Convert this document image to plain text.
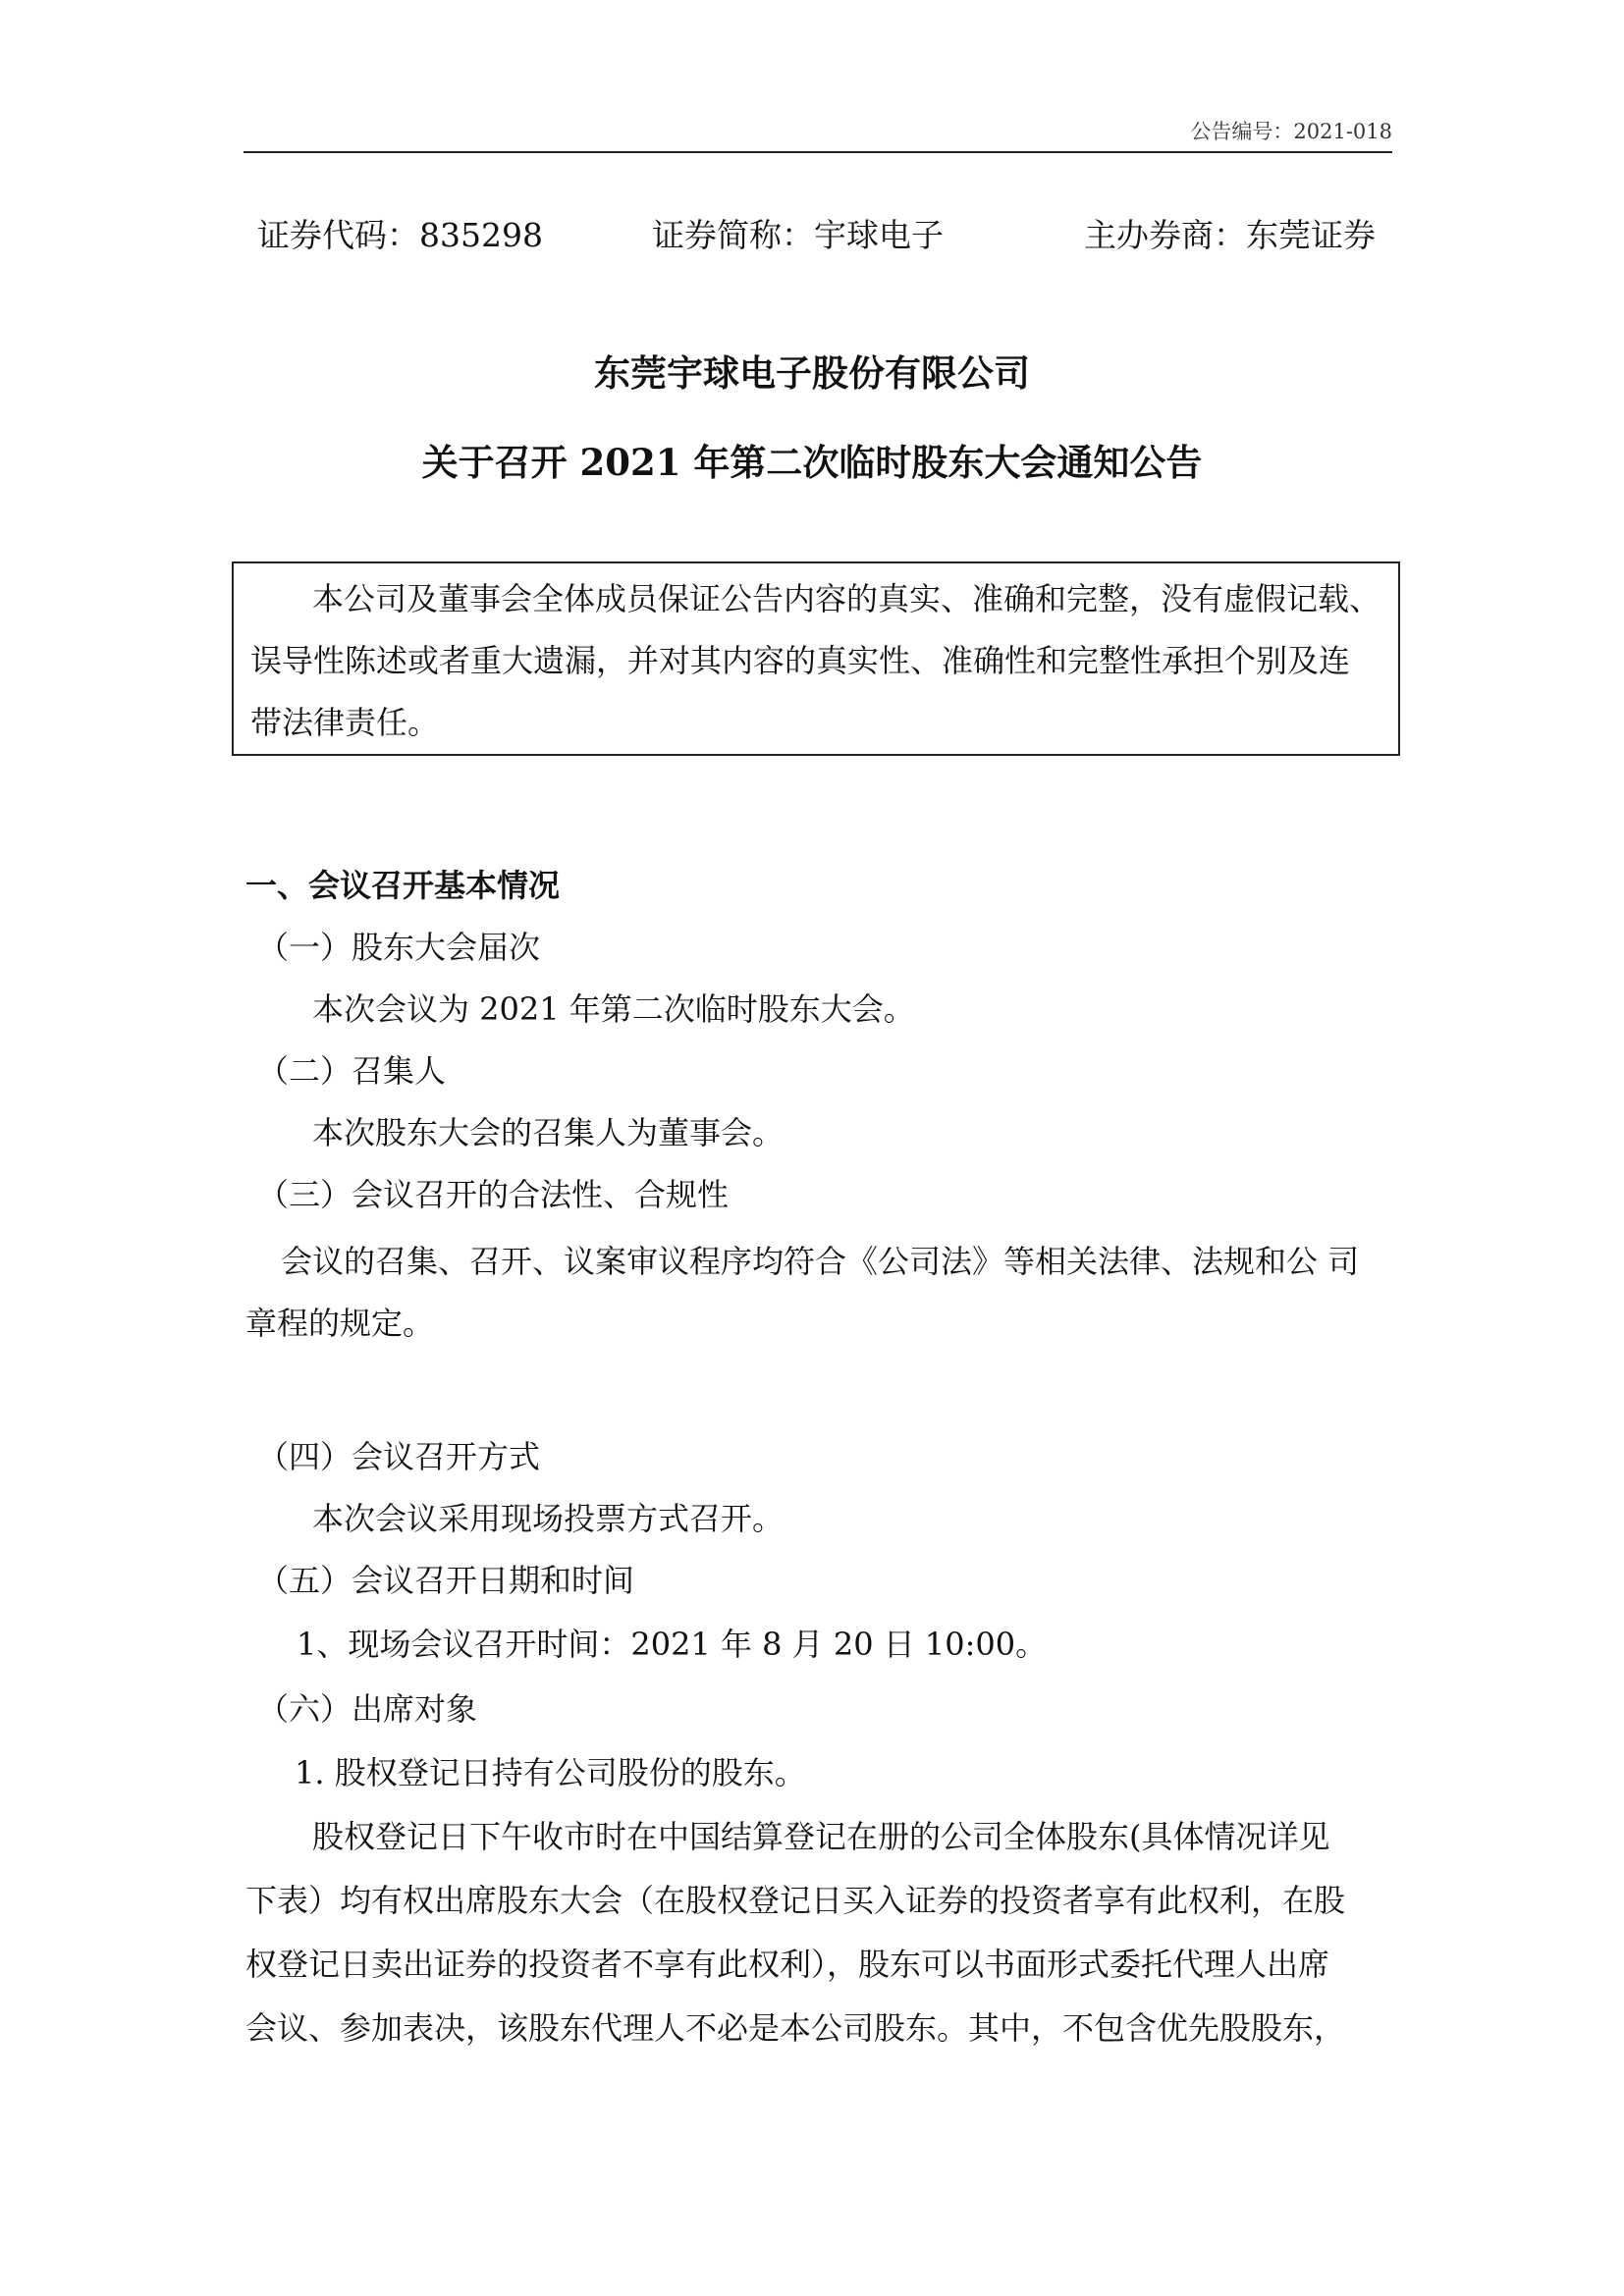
公告编号：2021-018
证券代码：835298	证券简称：宇球电子	主办券商：东莞证券
东莞宇球电子股份有限公司
关于召开 2021 年第二次临时股东大会通知公告
本公司及董事会全体成员保证公告内容的真实、准确和完整，没有虚假记载、
误导性陈述或者重大遗漏，并对其内容的真实性、准确性和完整性承担个别及连
带法律责任。
一、会议召开基本情况
（一）股东大会届次
本次会议为 2021 年第二次临时股东大会。
（二）召集人
本次股东大会的召集人为董事会。
（三）会议召开的合法性、合规性
会议的召集、召开、议案审议程序均符合《公司法》等相关法律、法规和公 司
章程的规定。
（四）会议召开方式
本次会议采用现场投票方式召开。
（五）会议召开日期和时间
1、现场会议召开时间：2021 年 8 月 20 日 10:00。
（六）出席对象
1. 股权登记日持有公司股份的股东。
股权登记日下午收市时在中国结算登记在册的公司全体股东(具体情况详见
下表）均有权出席股东大会（在股权登记日买入证券的投资者享有此权利，在股
权登记日卖出证券的投资者不享有此权利），股东可以书面形式委托代理人出席
会议、参加表决，该股东代理人不必是本公司股东。其中，不包含优先股股东，
